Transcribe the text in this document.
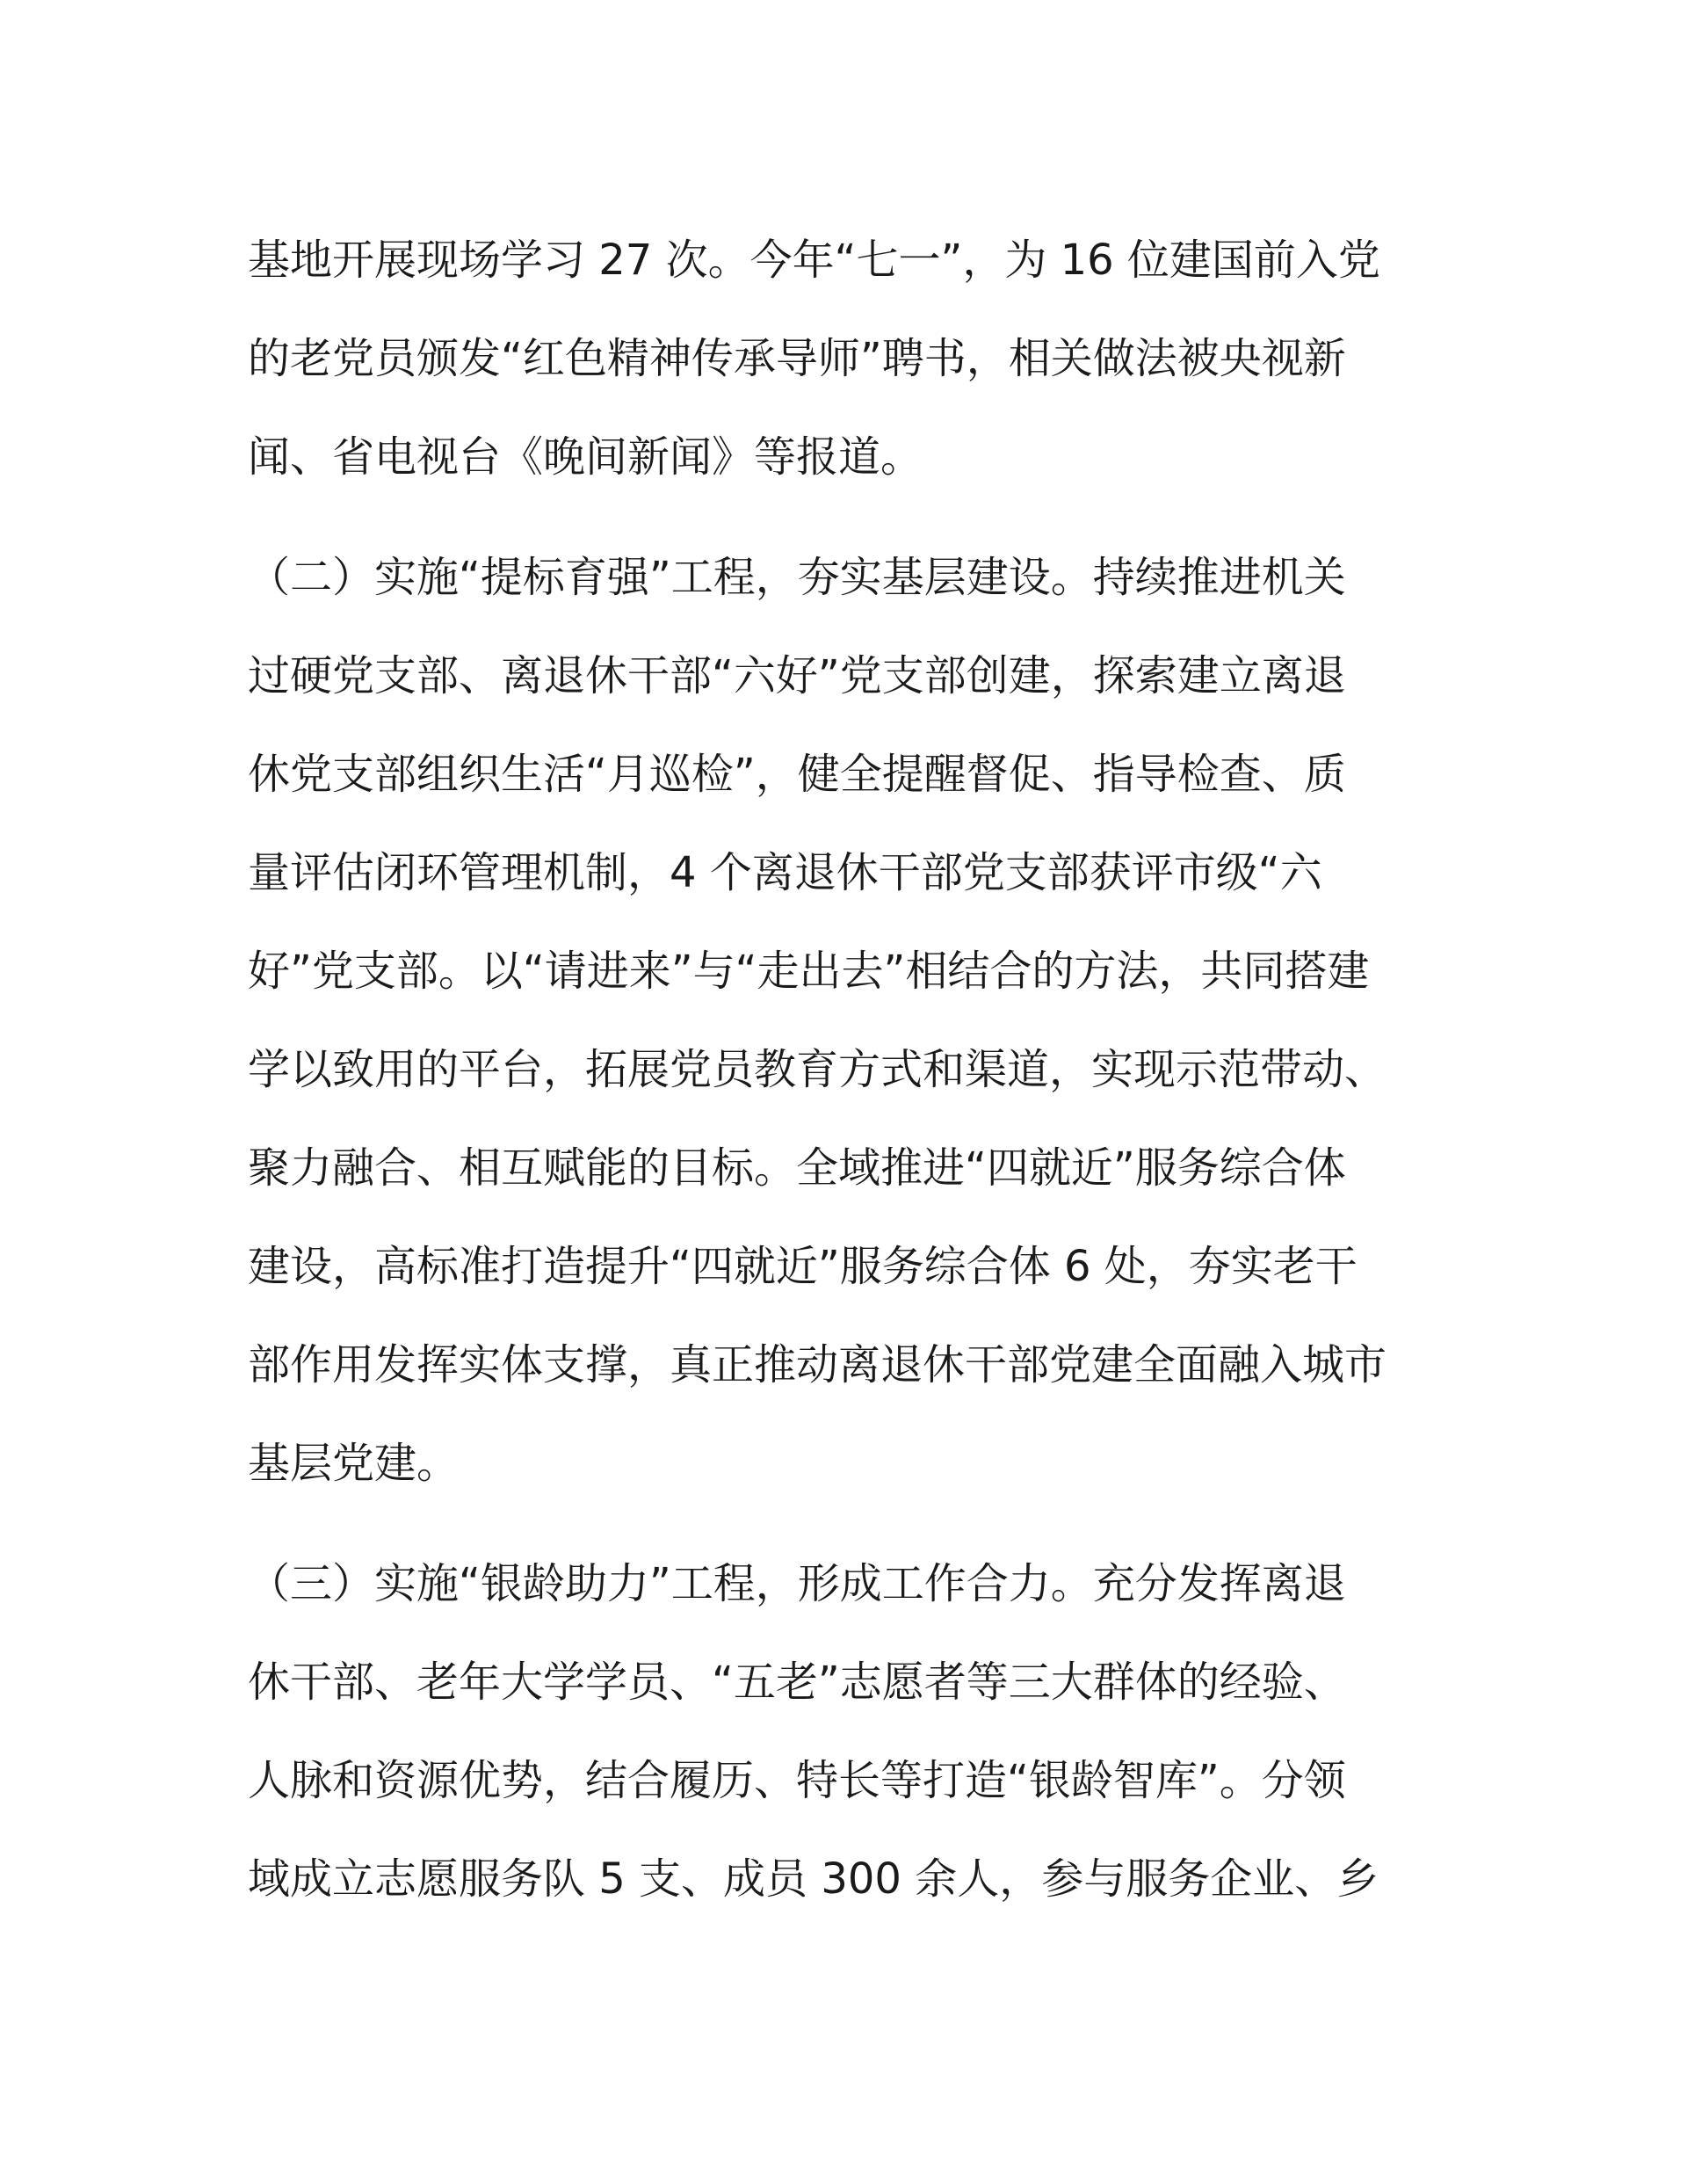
基地开展现场学习 27 次。今年“七一”，为 16 位建国前入党
的老党员颁发“红色精神传承导师”聘书，相关做法被央视新
闻、省电视台《晚间新闻》等报道。
（二）实施“提标育强”工程，夯实基层建设。持续推进机关
过硬党支部、离退休干部“六好”党支部创建，探索建立离退
休党支部组织生活“月巡检”，健全提醒督促、指导检查、质
量评估闭环管理机制，4 个离退休干部党支部获评市级“六
好”党支部。以“请进来”与“走出去”相结合的方法，共同搭建
学以致用的平台，拓展党员教育方式和渠道，实现示范带动、
聚力融合、相互赋能的目标。全域推进“四就近”服务综合体
建设，高标准打造提升“四就近”服务综合体 6 处，夯实老干
部作用发挥实体支撑，真正推动离退休干部党建全面融入城市
基层党建。
（三）实施“银龄助力”工程，形成工作合力。充分发挥离退
休干部、老年大学学员、“五老”志愿者等三大群体的经验、
人脉和资源优势，结合履历、特长等打造“银龄智库”。分领
域成立志愿服务队 5 支、成员 300 余人，参与服务企业、乡
